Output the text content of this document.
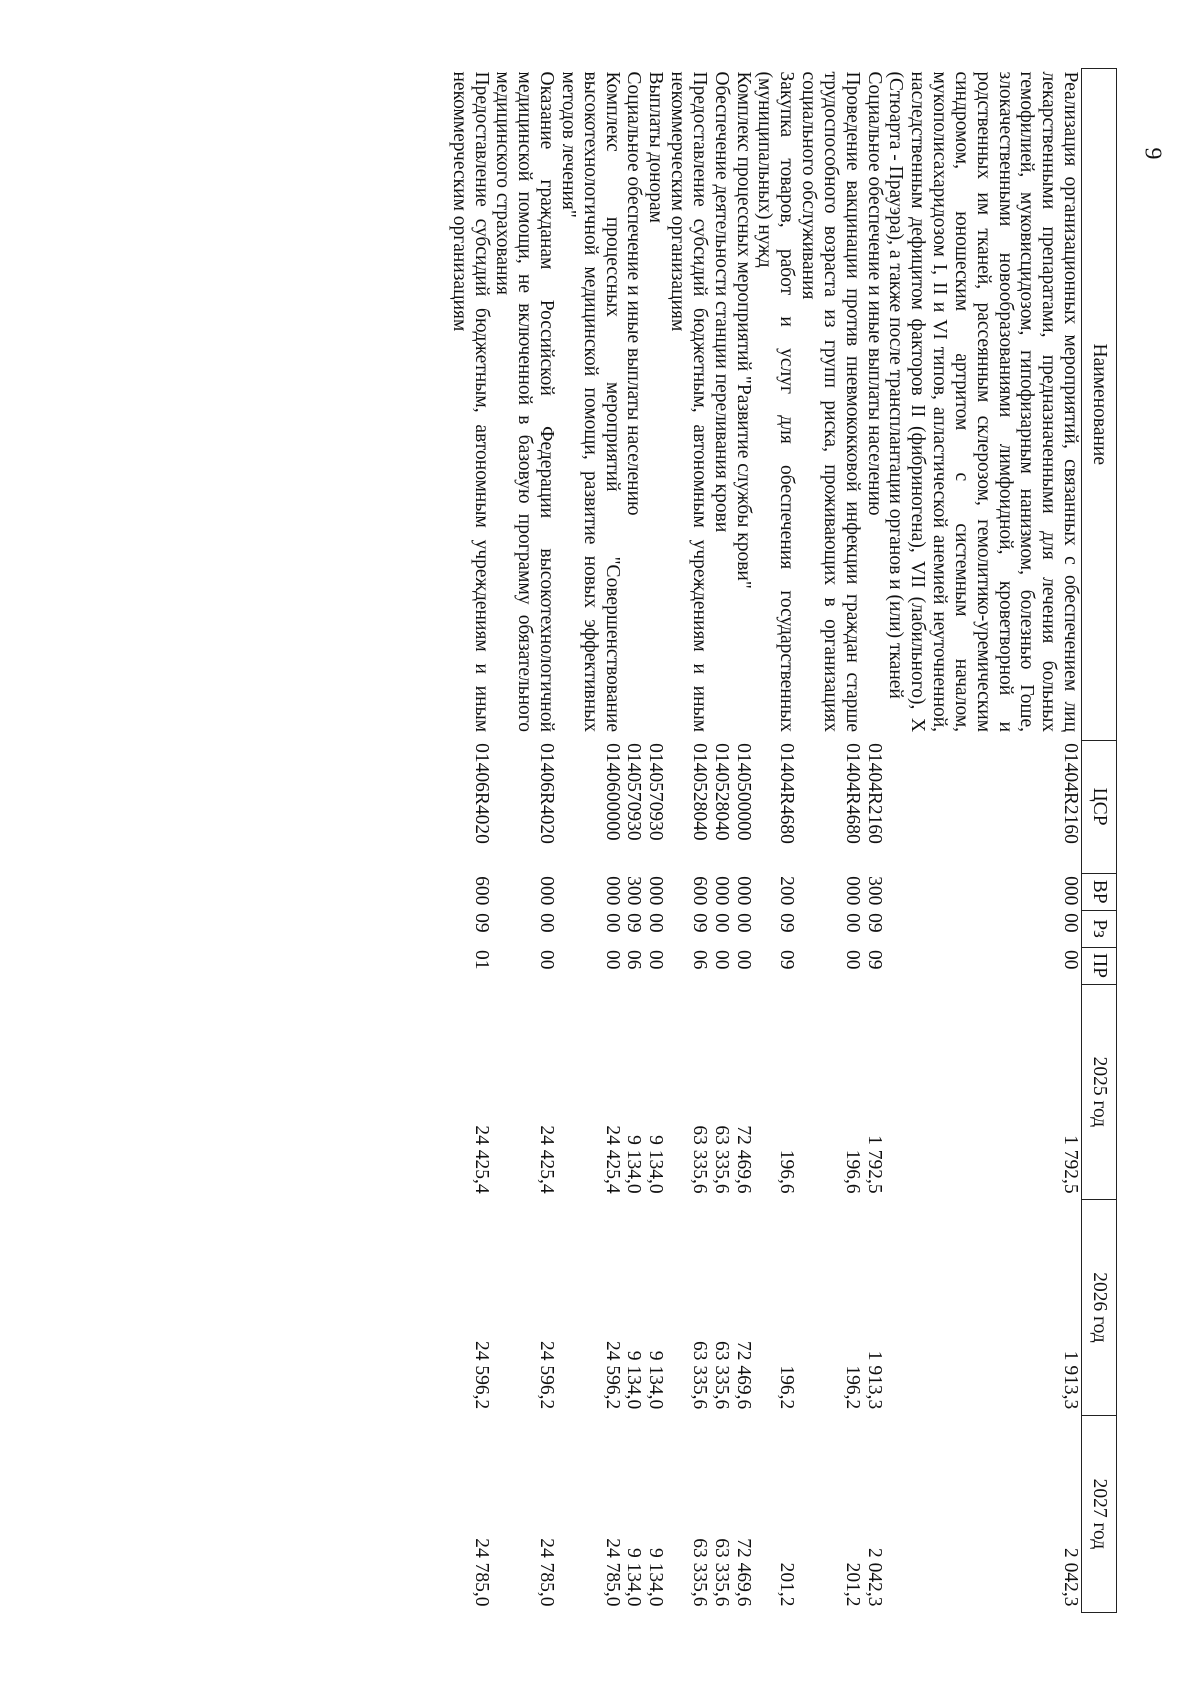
9
Наименование	ЦСР	ВР	Рз	ПР	2025 год	2026 год	2027 год
Реализация организационных мероприятий, связанных с обеспечением лиц лекарственными препаратами, предназначенными для лечения больных гемофилией, муковисцидозом, гипофизарным нанизмом, болезнью Гоше, злокачественными новообразованиями лимфоидной, кроветворной и родственных им тканей, рассеянным склерозом, гемолитико-уремическим синдромом, юношеским артритом с системным началом, мукополисахаридозом I, II и VI типов, апластической анемией неуточненной, наследственным дефицитом факторов II (фибриногена), VII (лабильного), X (Стюарта - Прауэра), а также после трансплантации органов и (или) тканей	01404R2160	000	00	00	1 792,5	1 913,3	2 042,3
Социальное обеспечение и иные выплаты населению	01404R2160	300	09	09	1 792,5	1 913,3	2 042,3
Проведение вакцинации против пневмококковой инфекции граждан старше трудоспособного возраста из групп риска, проживающих в организациях социального обслуживания	01404R4680	000	00	00	196,6	196,2	201,2
Закупка товаров, работ и услуг для обеспечения государственных (муниципальных) нужд	01404R4680	200	09	09	196,6	196,2	201,2
Комплекс процессных мероприятий "Развитие службы крови"	0140500000	000	00	00	72 469,6	72 469,6	72 469,6
Обеспечение деятельности станции переливания крови	0140528040	000	00	00	63 335,6	63 335,6	63 335,6
Предоставление субсидий бюджетным, автономным учреждениям и иным некоммерческим организациям	0140528040	600	09	06	63 335,6	63 335,6	63 335,6
Выплаты донорам	0140570930	000	00	00	9 134,0	9 134,0	9 134,0
Социальное обеспечение и иные выплаты населению	0140570930	300	09	06	9 134,0	9 134,0	9 134,0
Комплекс процессных мероприятий "Совершенствование высокотехнологичной медицинской помощи, развитие новых эффективных методов лечения"	0140600000	000	00	00	24 425,4	24 596,2	24 785,0
Оказание гражданам Российской Федерации высокотехнологичной медицинской помощи, не включенной в базовую программу обязательного медицинского страхования	01406R4020	000	00	00	24 425,4	24 596,2	24 785,0
Предоставление субсидий бюджетным, автономным учреждениям и иным некоммерческим организациям	01406R4020	600	09	01	24 425,4	24 596,2	24 785,0
